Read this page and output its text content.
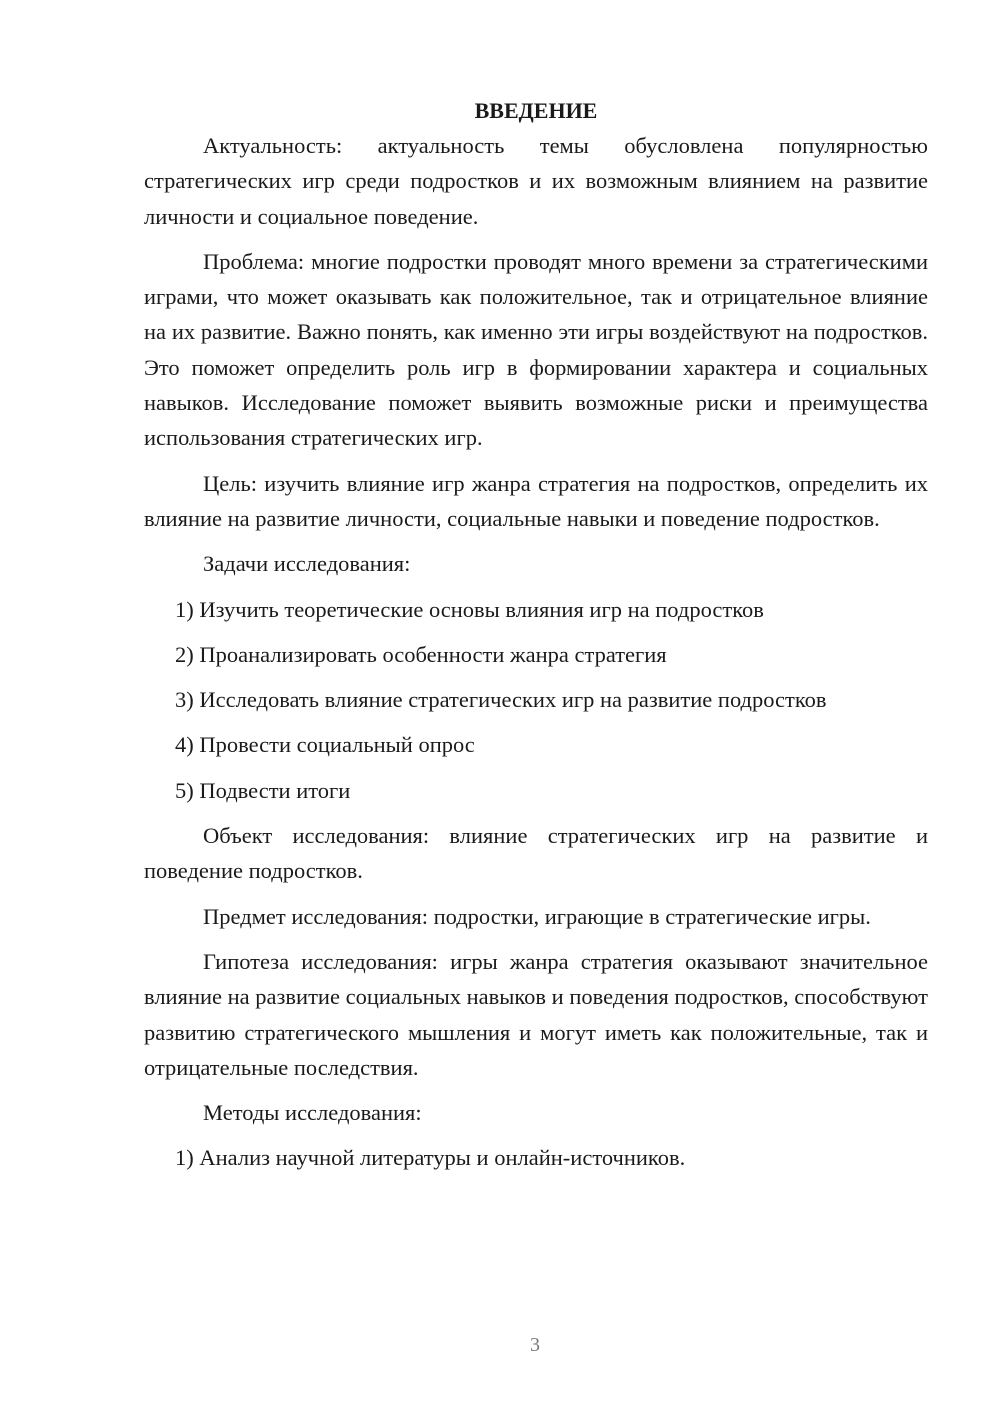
ВВЕДЕНИЕ

Актуальность: актуальность темы обусловлена популярностью стратегических игр среди подростков и их возможным влиянием на развитие личности и социальное поведение.

Проблема: многие подростки проводят много времени за стратегическими играми, что может оказывать как положительное, так и отрицательное влияние на их развитие. Важно понять, как именно эти игры воздействуют на подростков. Это поможет определить роль игр в формировании характера и социальных навыков. Исследование поможет выявить возможные риски и преимущества использования стратегических игр.

Цель: изучить влияние игр жанра стратегия на подростков, определить их влияние на развитие личности, социальные навыки и поведение подростков.

Задачи исследования:

1) Изучить теоретические основы влияния игр на подростков
2) Проанализировать особенности жанра стратегия
3) Исследовать влияние стратегических игр на развитие подростков
4) Провести социальный опрос
5) Подвести итоги

Объект исследования: влияние стратегических игр на развитие и поведение подростков.

Предмет исследования: подростки, играющие в стратегические игры.

Гипотеза исследования: игры жанра стратегия оказывают значительное влияние на развитие социальных навыков и поведения подростков, способствуют развитию стратегического мышления и могут иметь как положительные, так и отрицательные последствия.

Методы исследования:

1) Анализ научной литературы и онлайн-источников.
3
